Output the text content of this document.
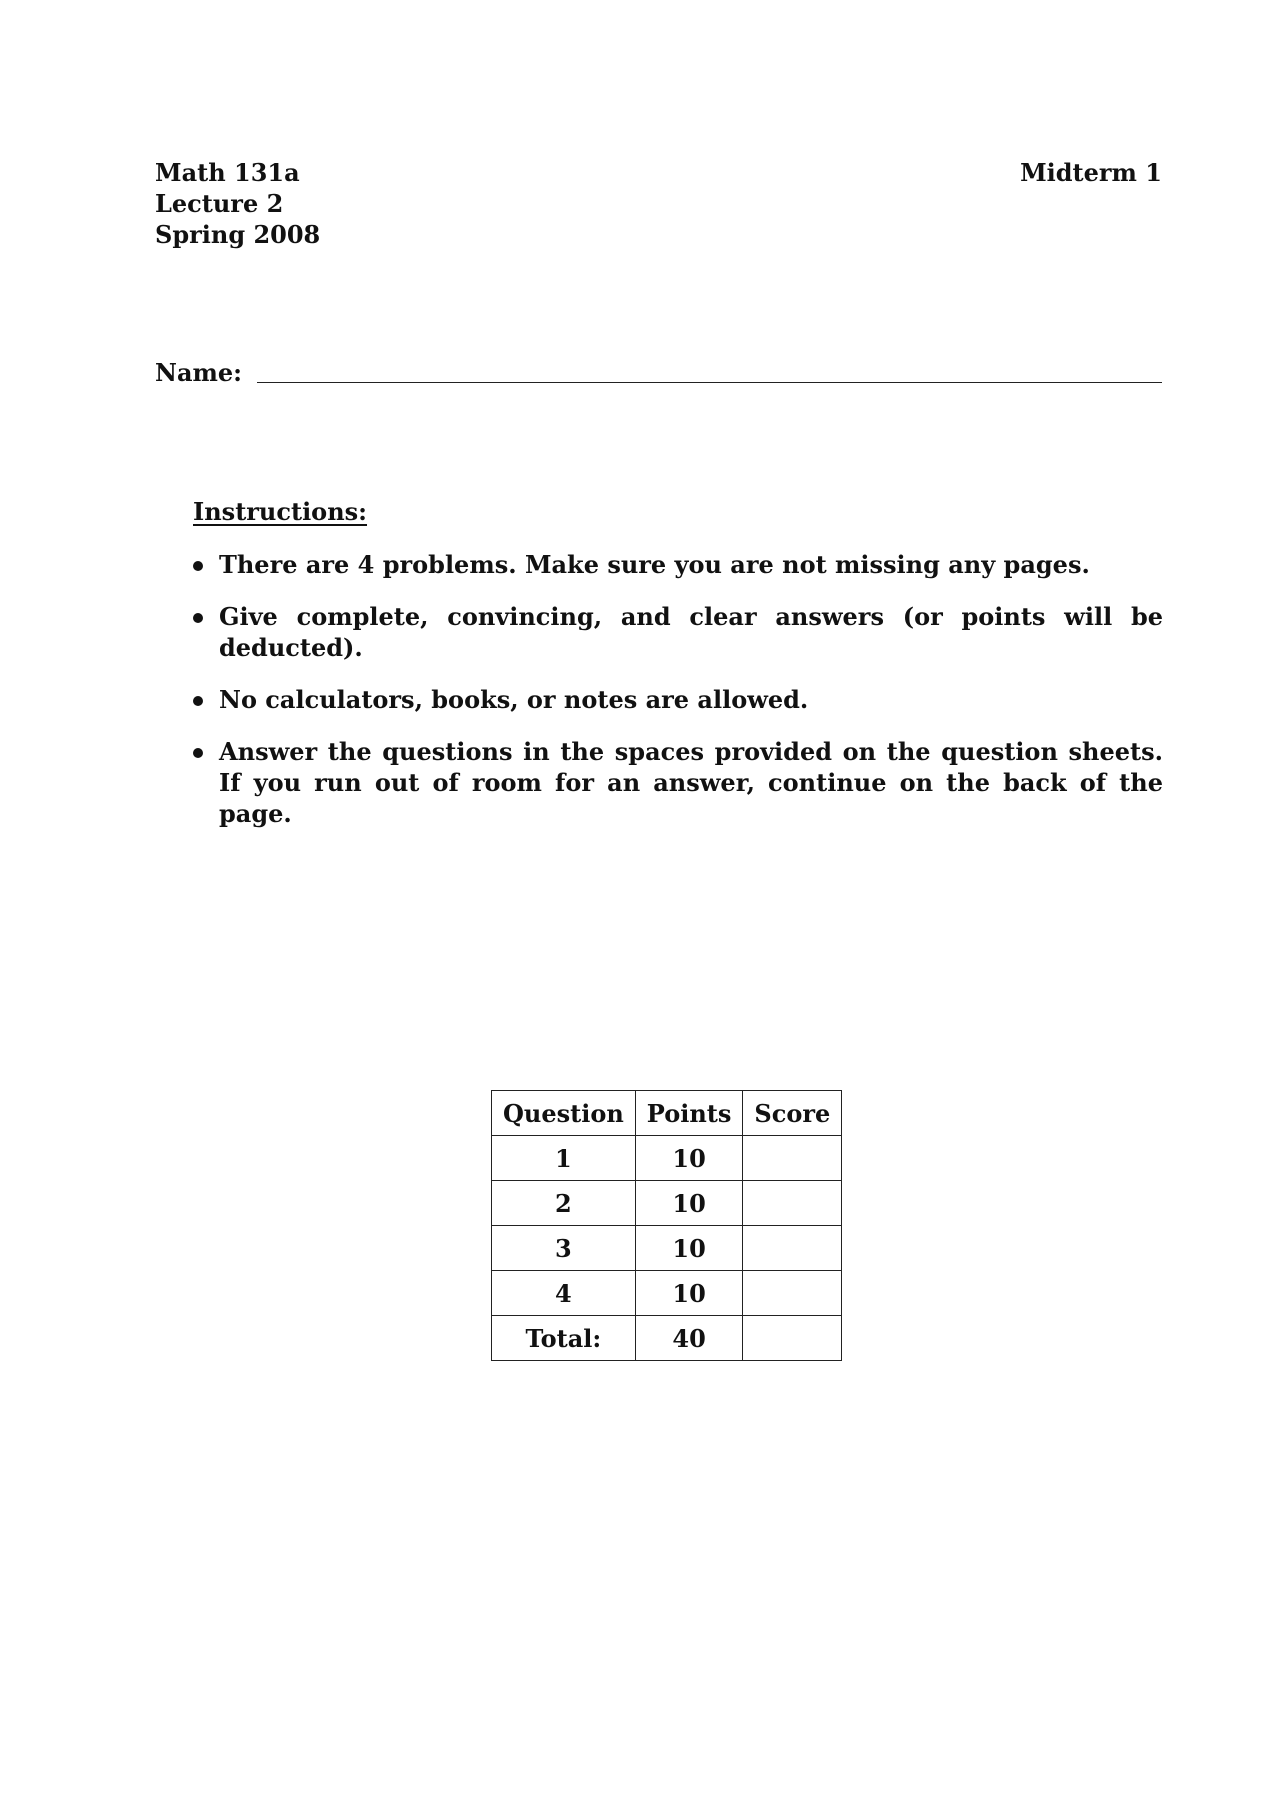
Math 131a
Lecture 2
Spring 2008
Midterm 1
Name:
Instructions:
There are 4 problems. Make sure you are not missing any pages.
Give complete, convincing, and clear answers (or points will be deducted).
No calculators, books, or notes are allowed.
Answer the questions in the spaces provided on the question sheets. If you run out of room for an answer, continue on the back of the page.
Question	Points	Score
1	10	
2	10	
3	10	
4	10	
Total:	40	
